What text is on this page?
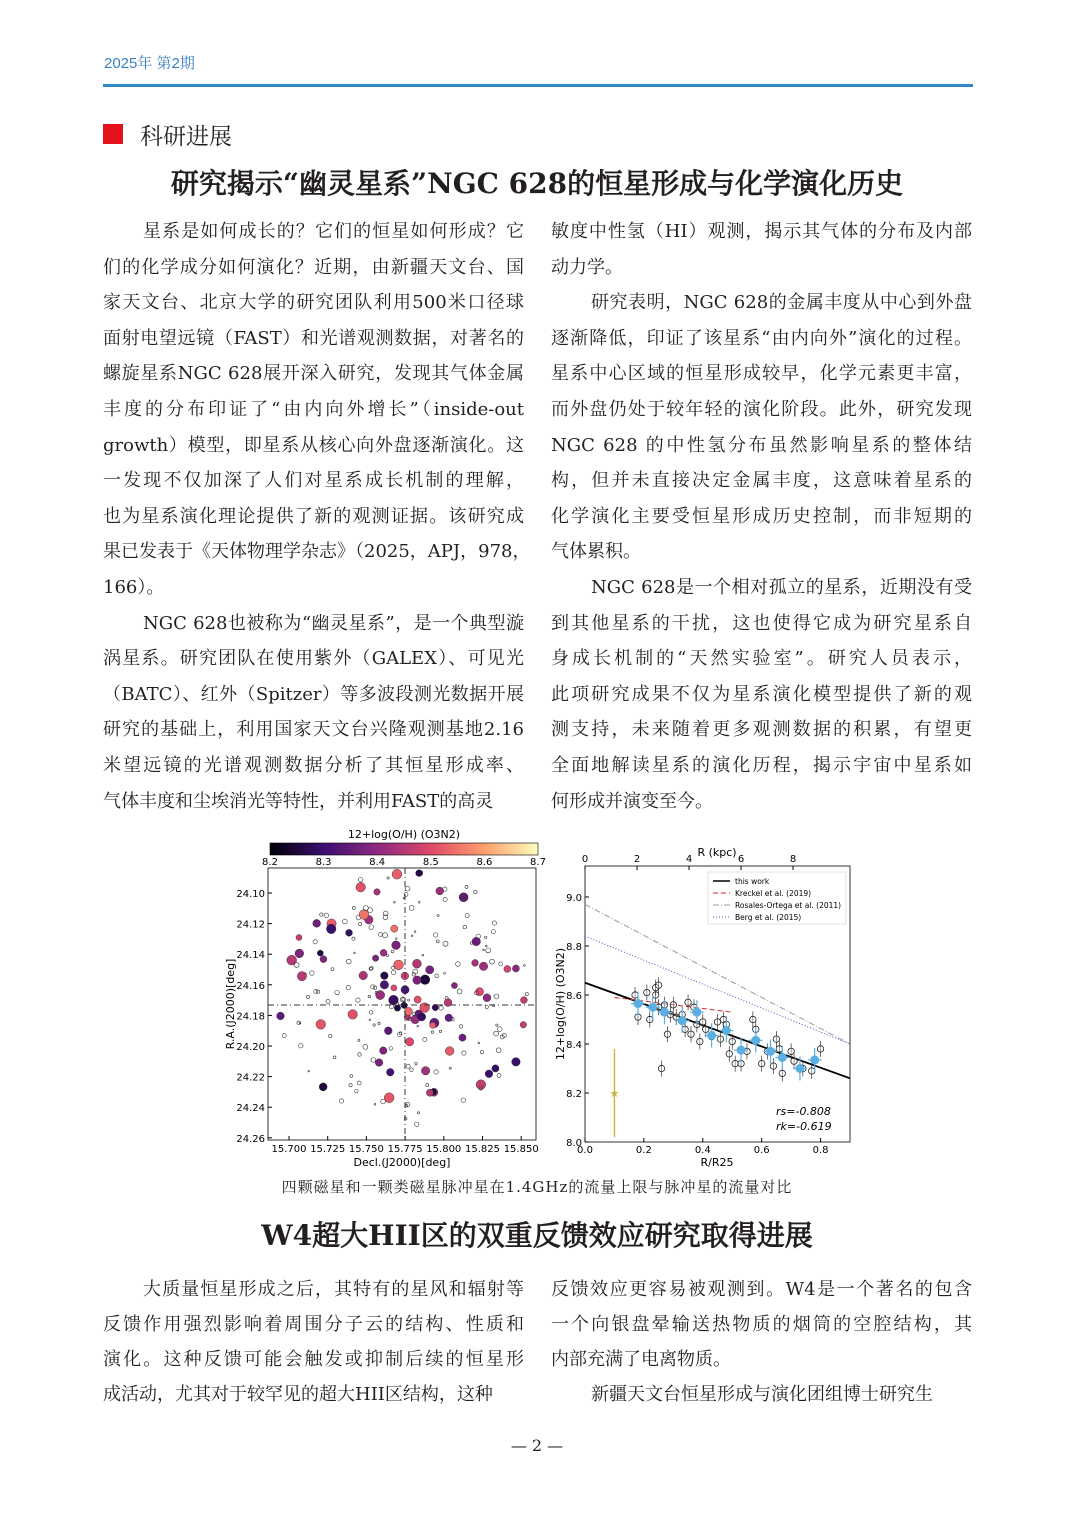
2025年 第2期
科研进展
研究揭示“幽灵星系”NGC 628的恒星形成与化学演化历史
星系是如何成长的？它们的恒星如何形成？它
们的化学成分如何演化？近期，由新疆天文台、国
家天文台、北京大学的研究团队利用500米口径球
面射电望远镜（FAST）和光谱观测数据，对著名的
螺旋星系NGC 628展开深入研究，发现其气体金属
丰度的分布印证了“由内向外增长”（inside-out
growth）模型，即星系从核心向外盘逐渐演化。这
一发现不仅加深了人们对星系成长机制的理解，
也为星系演化理论提供了新的观测证据。该研究成
果已发表于《天体物理学杂志》（2025，APJ，978，
166）。
NGC 628也被称为“幽灵星系”，是一个典型漩
涡星系。研究团队在使用紫外（GALEX）、可见光
（BATC）、红外（Spitzer）等多波段测光数据开展
研究的基础上，利用国家天文台兴隆观测基地2.16
米望远镜的光谱观测数据分析了其恒星形成率、
气体丰度和尘埃消光等特性，并利用FAST的高灵
敏度中性氢（HI）观测，揭示其气体的分布及内部
动力学。
研究表明，NGC 628的金属丰度从中心到外盘
逐渐降低，印证了该星系“由内向外”演化的过程。
星系中心区域的恒星形成较早，化学元素更丰富，
而外盘仍处于较年轻的演化阶段。此外，研究发现
NGC 628 的中性氢分布虽然影响星系的整体结
构，但并未直接决定金属丰度，这意味着星系的
化学演化主要受恒星形成历史控制，而非短期的
气体累积。
NGC 628是一个相对孤立的星系，近期没有受
到其他星系的干扰，这也使得它成为研究星系自
身成长机制的“天然实验室”。研究人员表示，
此项研究成果不仅为星系演化模型提供了新的观
测支持，未来随着更多观测数据的积累，有望更
全面地解读星系的演化历程，揭示宇宙中星系如
何形成并演变至今。
12+log(O/H) (O3N2)
8.2	8.3	8.4	8.5	8.6	8.7
15.700 15.725 15.750 15.775 15.800 15.825 15.850
24.10
24.12
24.14
24.16
24.18
24.20
24.22
24.24
24.26
Decl.(J2000)[deg]
R.A.(J2000)[deg]
★
0.0	0.2	0.4	0.6	0.8
0	2	4	6	8
8.0
8.2
8.4
8.6
8.8
9.0
R (kpc)
R/R25
12+log(O/H) (O3N2)
this work
Kreckel et al. (2019)
Rosales-Ortega et al. (2011)
Berg et al. (2015)
rs=-0.808
rk=-0.619
四颗磁星和一颗类磁星脉冲星在1.4GHz的流量上限与脉冲星的流量对比
W4超大HII区的双重反馈效应研究取得进展
大质量恒星形成之后，其特有的星风和辐射等
反馈作用强烈影响着周围分子云的结构、性质和
演化。这种反馈可能会触发或抑制后续的恒星形
成活动，尤其对于较罕见的超大HII区结构，这种
反馈效应更容易被观测到。W4是一个著名的包含
一个向银盘晕输送热物质的烟筒的空腔结构，其
内部充满了电离物质。
新疆天文台恒星形成与演化团组博士研究生
— 2 —
